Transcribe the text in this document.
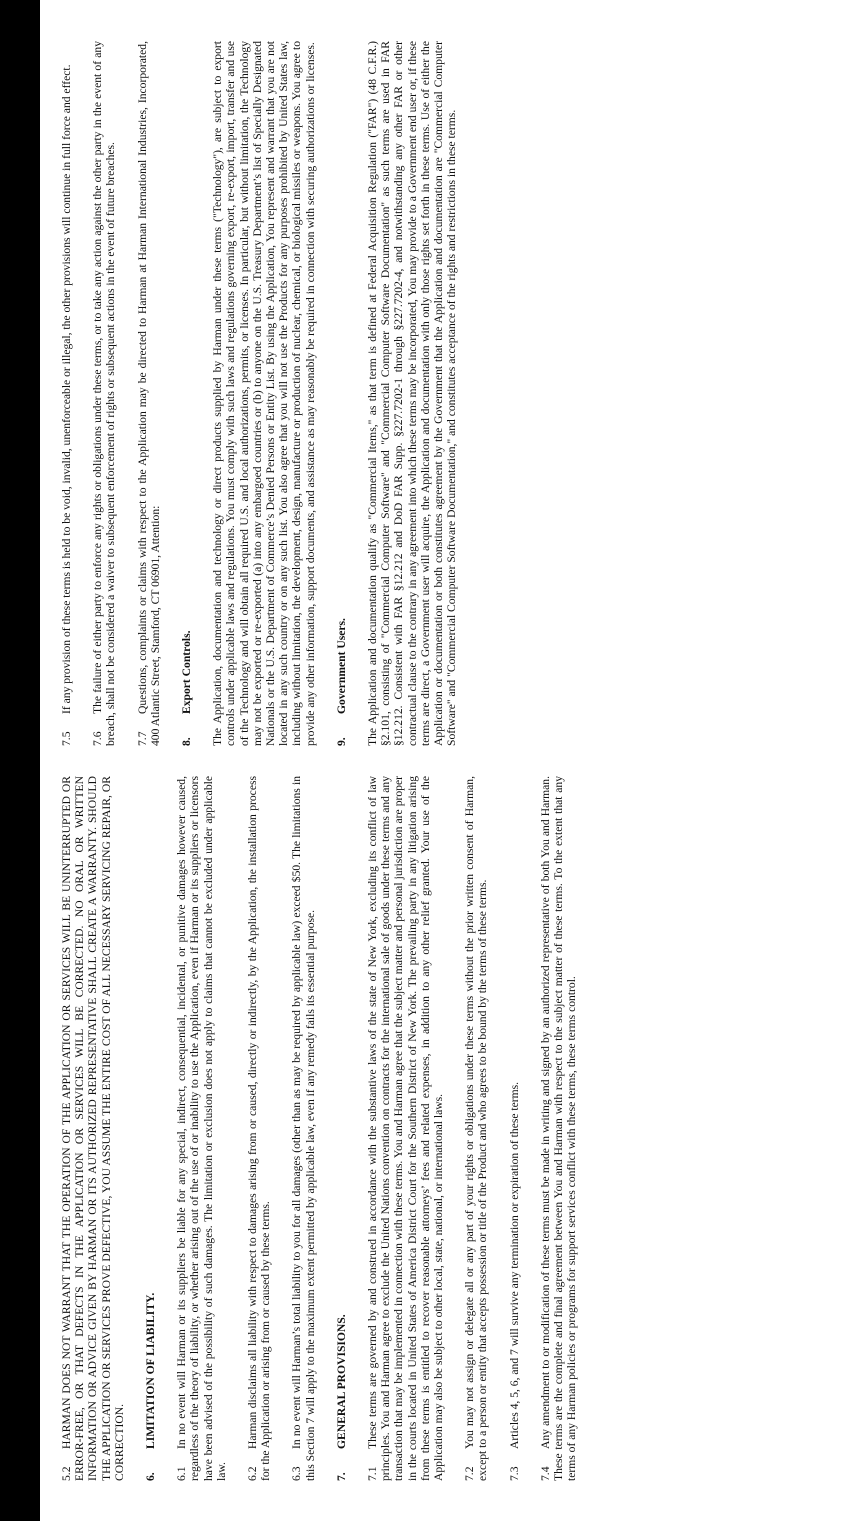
5.2HARMAN DOES NOT WARRANT THAT THE OPERATION OF THE APPLICATION OR SERVICES WILL BE UNINTERRUPTED OR ERROR-FREE, OR THAT DEFECTS IN THE APPLICATION OR SERVICES WILL BE CORRECTED. NO ORAL OR WRITTEN INFORMATION OR ADVICE GIVEN BY HARMAN OR ITS AUTHORIZED REPRESENTATIVE SHALL CREATE A WARRANTY. SHOULD THE APPLICATION OR SERVICES PROVE DEFECTIVE, YOU ASSUME THE ENTIRE COST OF ALL NECESSARY SERVICING REPAIR, OR CORRECTION. 6.LIMITATION OF LIABILITY.

6.1In no event will Harman or its suppliers be liable for any special, indirect, consequential, incidental, or punitive damages however caused, regardless of the theory of liability, or whether arising out of the use of or inability to use the Application, even if Harman or its suppliers or licensors have been advised of the possibility of such damages. The limitation or exclusion does not apply to claims that cannot be excluded under applicable law. 6.2Harman disclaims all liability with respect to damages arising from or caused, directly or indirectly, by the Application, the installation process for the Application or arising from or caused by these terms. 6.3In no event will Harman’s total liability to you for all damages (other than as may be required by applicable law) exceed $50. The limitations in this Section 7 will apply to the maximum extent permitted by applicable law, even if any remedy fails its essential purpose. 7.GENERAL PROVISIONS.

7.1These terms are governed by and construed in accordance with the substantive laws of the state of New York, excluding its conflict of law principles. You and Harman agree to exclude the United Nations convention on contracts for the international sale of goods under these terms and any transaction that may be implemented in connection with these terms. You and Harman agree that the subject matter and personal jurisdiction are proper in the courts located in United States of America District Court for the Southern District of New York. The prevailing party in any litigation arising from these terms is entitled to recover reasonable attorneys’ fees and related expenses, in addition to any other relief granted. Your use of the Application may also be subject to other local, state, national, or international laws. 7.2You may not assign or delegate all or any part of your rights or obligations under these terms without the prior written consent of Harman, except to a person or entity that accepts possession or title of the Product and who agrees to be bound by the terms of these terms. 7.3Articles 4, 5, 6, and 7 will survive any termination or expiration of these terms.

7.4Any amendment to or modification of these terms must be made in writing and signed by an authorized representative of both You and Harman. These terms are the complete and final agreement between You and Harman with respect to the subject matter of these terms. To the extent that any terms of any Harman policies or programs for support services conflict with these terms, these terms control.

7.5If any provision of these terms is held to be void, invalid, unenforceable or illegal, the other provisions will continue in full force and effect.

7.6The failure of either party to enforce any rights or obligations under these terms, or to take any action against the other party in the event of any breach, shall not be considered a waiver to subsequent enforcement of rights or subsequent actions in the event of future breaches. 7.7Questions, complaints or claims with respect to the Application may be directed to Harman at Harman International Industries, Incorporated, 400 Atlantic Street, Stamford, CT 06901, Attention: 8.Export Controls. The Application, documentation and technology or direct products supplied by Harman under these terms ("Technology"), are subject to export controls under applicable laws and regulations. You must comply with such laws and regulations governing export, re-export, import, transfer and use of the Technology and will obtain all required U.S. and local authorizations, permits, or licenses. In particular, but without limitation, the Technology may not be exported or re-exported (a) into any embargoed countries or (b) to anyone on the U.S. Treasury Department’s list of Specially Designated Nationals or the U.S. Department of Commerce’s Denied Persons or Entity List. By using the Application, You represent and warrant that you are not located in any such country or on any such list. You also agree that you will not use the Products for any purposes prohibited by United States law, including without limitation, the development, design, manufacture or production of nuclear, chemical, or biological missiles or weapons. You agree to provide any other information, support documents, and assistance as may reasonably be required in connection with securing authorizations or licenses. 9.Government Users. The Application and documentation qualify as "Commercial Items," as that term is defined at Federal Acquisition Regulation ("FAR") (48 C.F.R.) §2.101, consisting of "Commercial Computer Software" and "Commercial Computer Software Documentation" as such terms are used in FAR §12.212. Consistent with FAR §12.212 and DoD FAR Supp. §227.7202-1 through §227.7202-4, and notwithstanding any other FAR or other contractual clause to the contrary in any agreement into which these terms may be incorporated, You may provide to a Government end user or, if these terms are direct, a Government user will acquire, the Application and documentation with only those rights set forth in these terms. Use of either the Application or documentation or both constitutes agreement by the Government that the Application and documentation are "Commercial Computer Software" and "Commercial Computer Software Documentation," and constitutes acceptance of the rights and restrictions in these terms.
